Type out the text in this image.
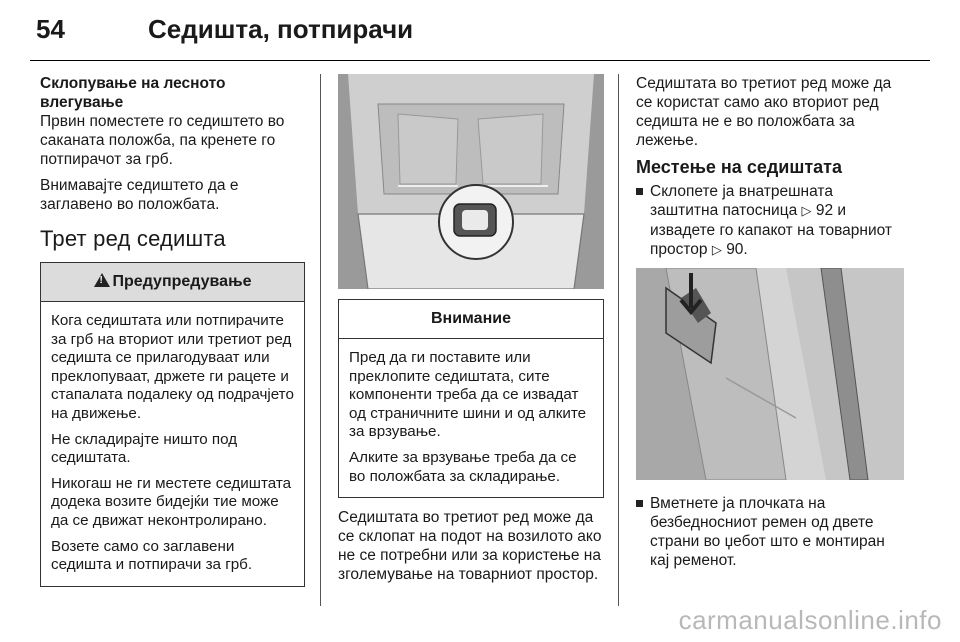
54	Седишта, потпирачи
Склопување на лесното влегување

Првин поместете го седиштето во саканата положба, па кренете го потпирачот за грб.

Внимавајте седиштето да е заглавено во положбата.

Трет ред седишта
!Предупредување

Кога седиштата или потпирачите за грб на вториот или третиот ред седишта се прилагодуваат или преклопуваат, држете ги рацете и стапалата подалеку од подрачјето на движење.

Не складирајте ништо под седиштата.

Никогаш не ги местете седиштата додека возите бидејќи тие може да се движат неконтролирано.

Возете само со заглавени седишта и потпирачи за грб.

Внимание

Пред да ги поставите или преклопите седиштата, сите компоненти треба да се извадат од страничните шини и од алките за врзување.

Алките за врзување треба да се во положбата за складирање.

Седиштата во третиот ред може да се склопат на подот на возилото ако не се потребни или за користење на зголемување на товарниот простор.

Седиштата во третиот ред може да се користат само ако вториот ред седишта не е во положбата за лежење.

Местење на седиштата
Склопете ја внатрешната заштитна патосница ▷ 92 и извадете го капакот на товарниот простор ▷ 90.
Вметнете ја плочката на безбедносниот ремен од двете страни во џебот што е монтиран кај ременот.
carmanualsonline.info
